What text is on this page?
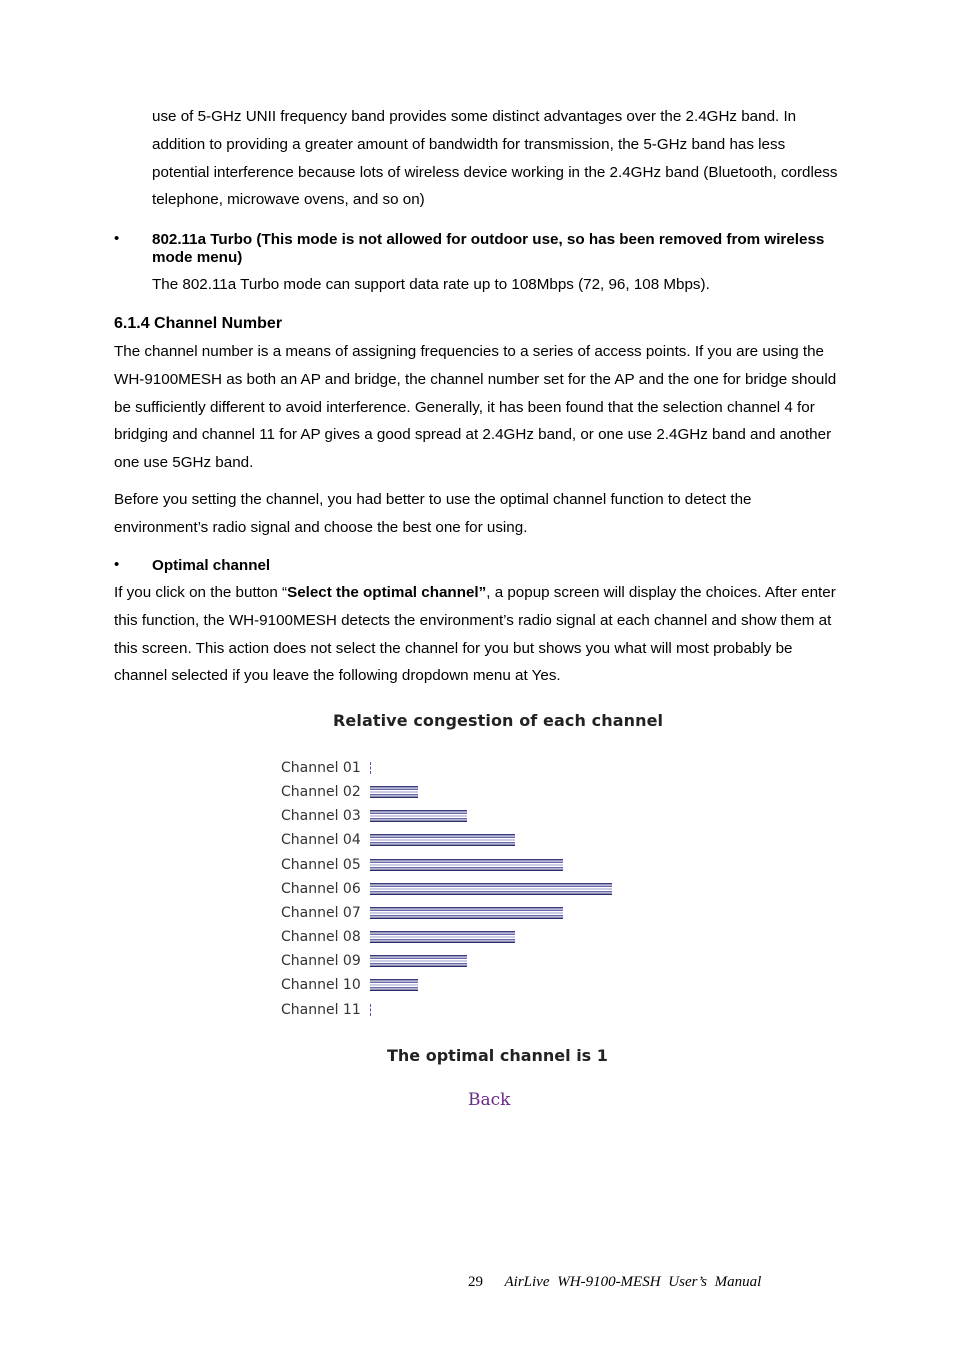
use of 5-GHz UNII frequency band provides some distinct advantages over the 2.4GHz band. In addition to providing a greater amount of bandwidth for transmission, the 5-GHz band has less potential interference because lots of wireless device working in the 2.4GHz band (Bluetooth, cordless telephone, microwave ovens, and so on)

• 802.11a Turbo (This mode is not allowed for outdoor use, so has been removed from wireless mode menu)

The 802.11a Turbo mode can support data rate up to 108Mbps (72, 96, 108 Mbps).

6.1.4 Channel Number

The channel number is a means of assigning frequencies to a series of access points. If you are using the WH-9100MESH as both an AP and bridge, the channel number set for the AP and the one for bridge should be sufficiently different to avoid interference. Generally, it has been found that the selection channel 4 for bridging and channel 11 for AP gives a good spread at 2.4GHz band, or one use 2.4GHz band and another one use 5GHz band.

Before you setting the channel, you had better to use the optimal channel function to detect the environment’s radio signal and choose the best one for using.

• Optimal channel

If you click on the button “Select the optimal channel”, a popup screen will display the choices. After enter this function, the WH-9100MESH detects the environment’s radio signal at each channel and show them at this screen. This action does not select the channel for you but shows you what will most probably be channel selected if you leave the following dropdown menu at Yes.

Relative congestion of each channel
Channel 01
Channel 02
Channel 03
Channel 04
Channel 05
Channel 06
Channel 07
Channel 08
Channel 09
Channel 10
Channel 11
The optimal channel is 1
Back
29 AirLive WH-9100-MESH User’s Manual
